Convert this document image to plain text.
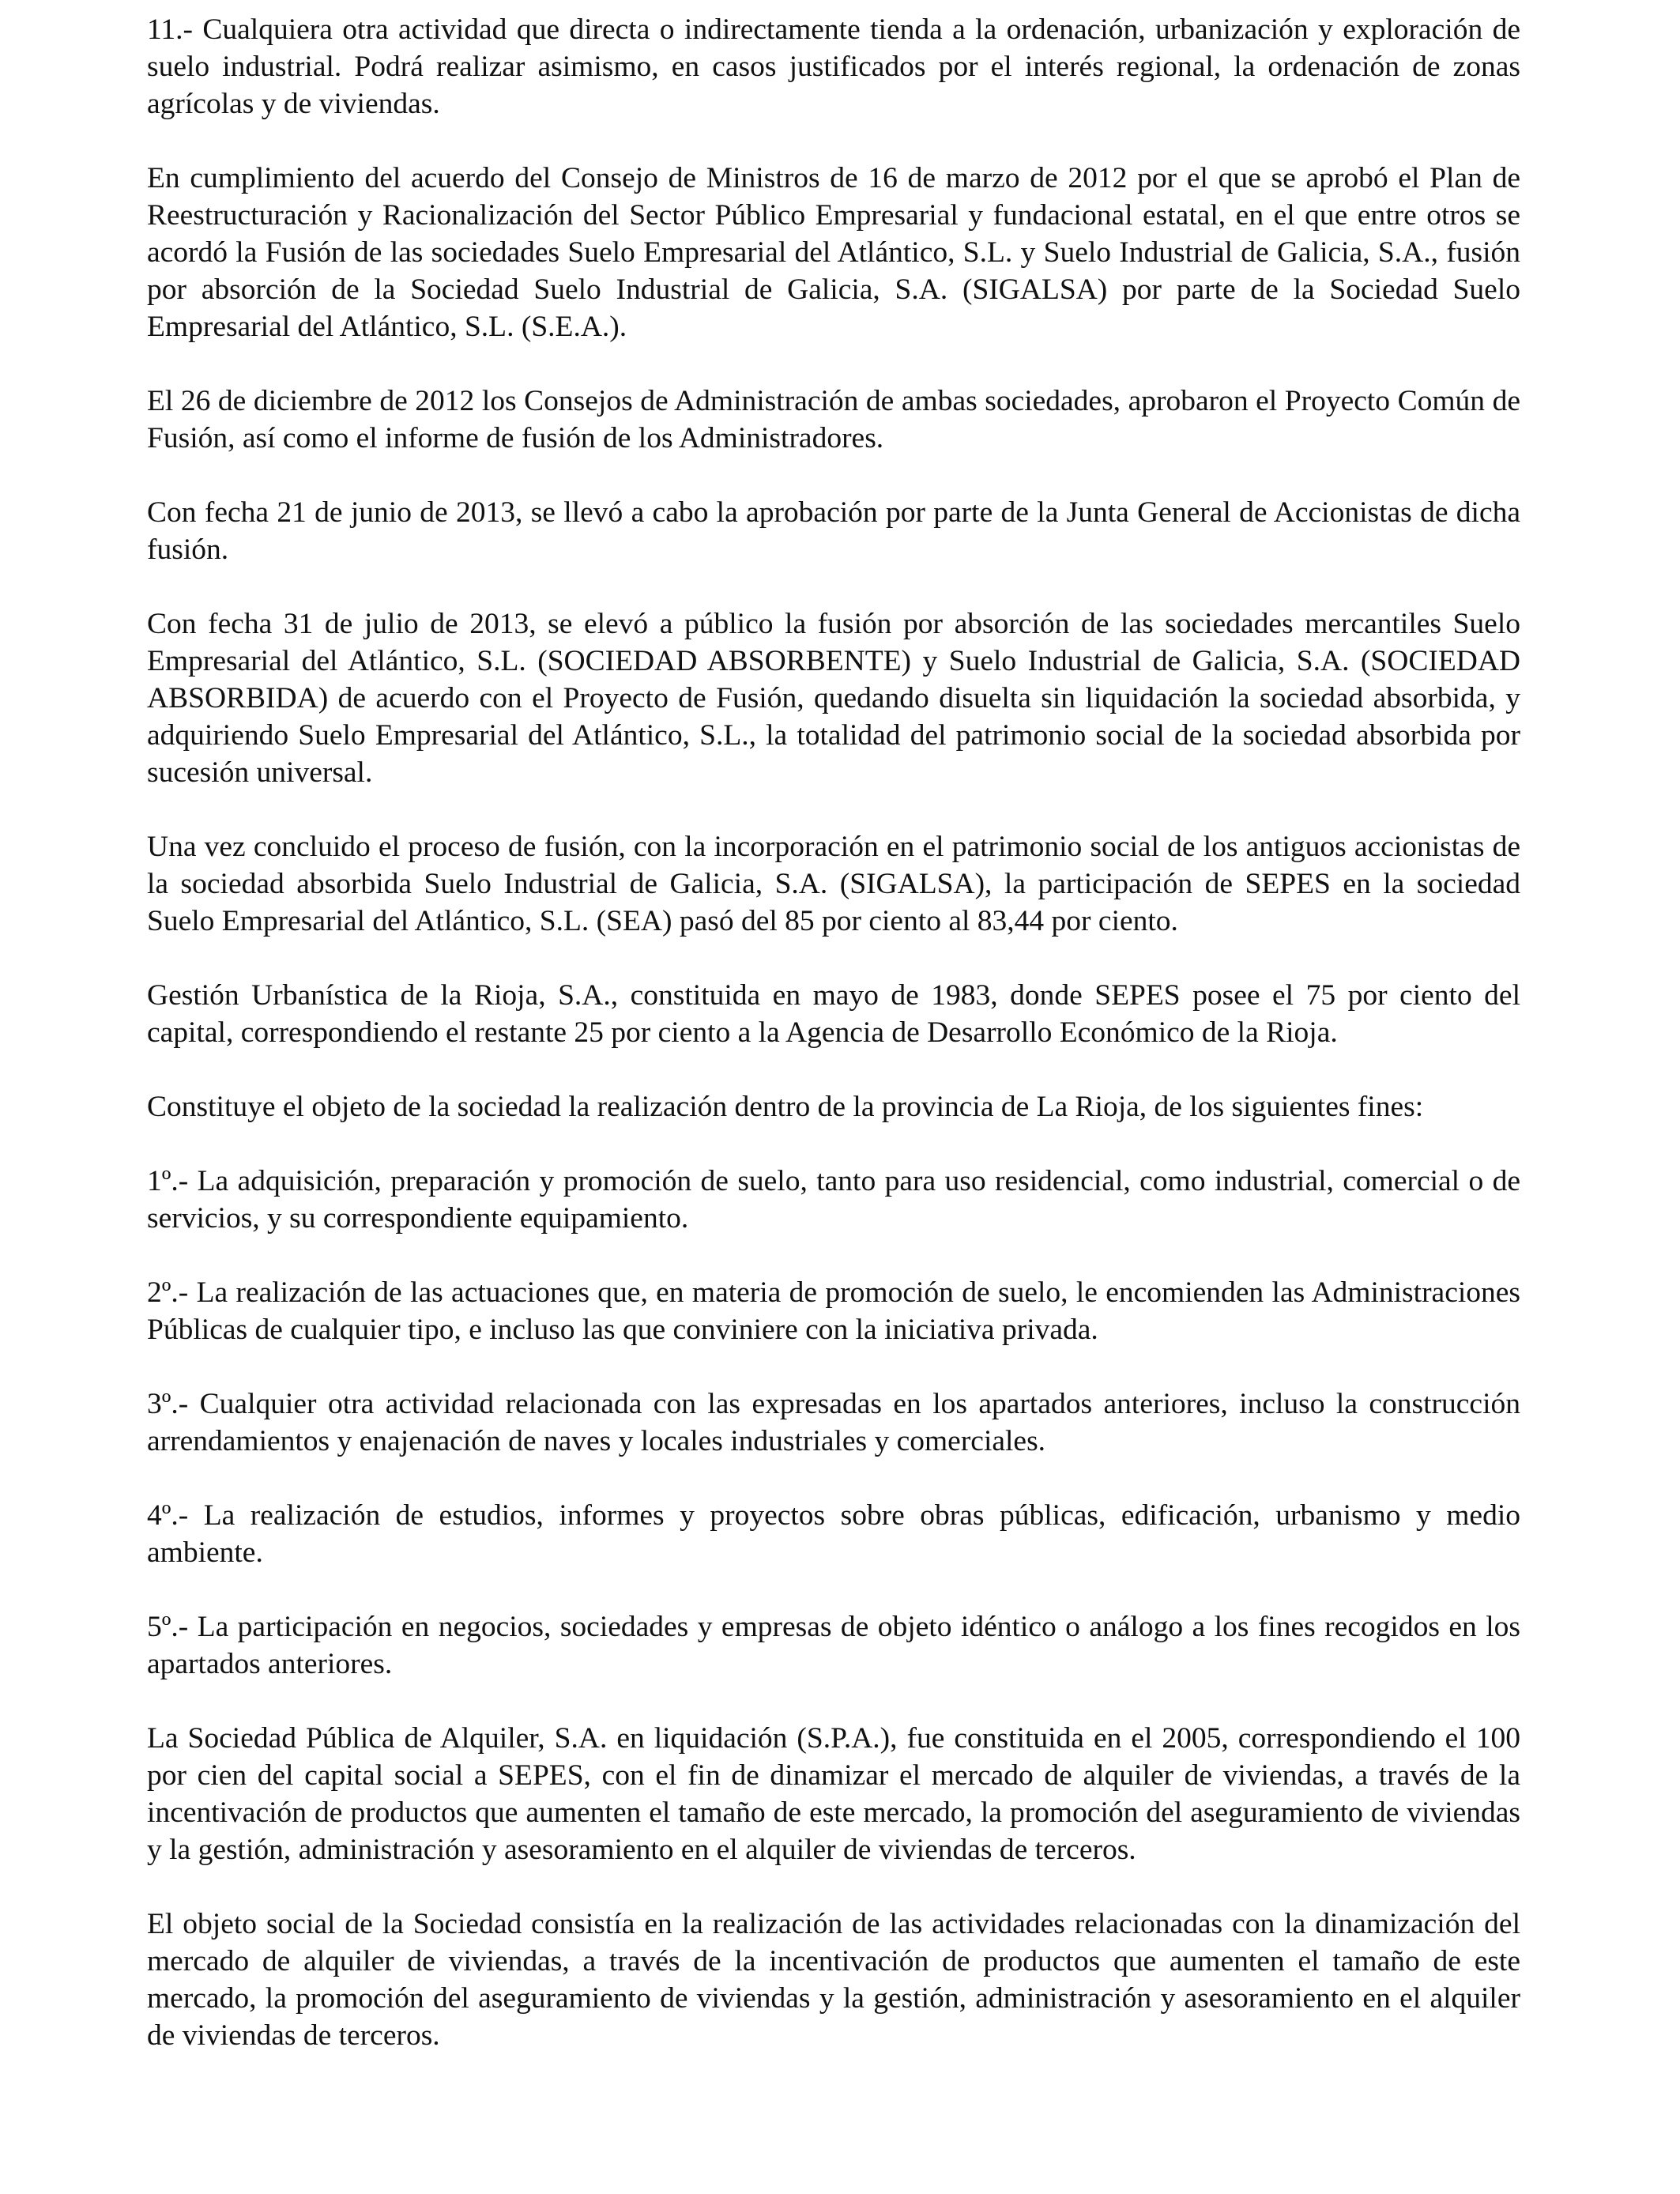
11.- Cualquiera otra actividad que directa o indirectamente tienda a la ordenación, urbanización y exploración de suelo industrial. Podrá realizar asimismo, en casos justificados por el interés regional, la ordenación de zonas agrícolas y de viviendas.

En cumplimiento del acuerdo del Consejo de Ministros de 16 de marzo de 2012 por el que se aprobó el Plan de Reestructuración y Racionalización del Sector Público Empresarial y fundacional estatal, en el que entre otros se acordó la Fusión de las sociedades Suelo Empresarial del Atlántico, S.L. y Suelo Industrial de Galicia, S.A., fusión por absorción de la Sociedad Suelo Industrial de Galicia, S.A. (SIGALSA) por parte de la Sociedad Suelo Empresarial del Atlántico, S.L. (S.E.A.).

El 26 de diciembre de 2012 los Consejos de Administración de ambas sociedades, aprobaron el Proyecto Común de Fusión, así como el informe de fusión de los Administradores.

Con fecha 21 de junio de 2013, se llevó a cabo la aprobación por parte de la Junta General de Accionistas de dicha fusión.

Con fecha 31 de julio de 2013, se elevó a público la fusión por absorción de las sociedades mercantiles Suelo Empresarial del Atlántico, S.L. (SOCIEDAD ABSORBENTE) y Suelo Industrial de Galicia, S.A. (SOCIEDAD ABSORBIDA) de acuerdo con el Proyecto de Fusión, quedando disuelta sin liquidación la sociedad absorbida, y adquiriendo Suelo Empresarial del Atlántico, S.L., la totalidad del patrimonio social de la sociedad absorbida por sucesión universal.

Una vez concluido el proceso de fusión, con la incorporación en el patrimonio social de los antiguos accionistas de la sociedad absorbida Suelo Industrial de Galicia, S.A. (SIGALSA), la participación de SEPES en la sociedad Suelo Empresarial del Atlántico, S.L. (SEA) pasó del 85 por ciento al 83,44 por ciento.

Gestión Urbanística de la Rioja, S.A., constituida en mayo de 1983, donde SEPES posee el 75 por ciento del capital, correspondiendo el restante 25 por ciento a la Agencia de Desarrollo Económico de la Rioja.

Constituye el objeto de la sociedad la realización dentro de la provincia de La Rioja, de los siguientes fines:

1º.- La adquisición, preparación y promoción de suelo, tanto para uso residencial, como industrial, comercial o de servicios, y su correspondiente equipamiento.

2º.- La realización de las actuaciones que, en materia de promoción de suelo, le encomienden las Administraciones Públicas de cualquier tipo, e incluso las que conviniere con la iniciativa privada.

3º.- Cualquier otra actividad relacionada con las expresadas en los apartados anteriores, incluso la construcción arrendamientos y enajenación de naves y locales industriales y comerciales.

4º.- La realización de estudios, informes y proyectos sobre obras públicas, edificación, urbanismo y medio ambiente.

5º.- La participación en negocios, sociedades y empresas de objeto idéntico o análogo a los fines recogidos en los apartados anteriores.

La Sociedad Pública de Alquiler, S.A. en liquidación (S.P.A.), fue constituida en el 2005, correspondiendo el 100 por cien del capital social a SEPES, con el fin de dinamizar el mercado de alquiler de viviendas, a través de la incentivación de productos que aumenten el tamaño de este mercado, la promoción del aseguramiento de viviendas y la gestión, administración y asesoramiento en el alquiler de viviendas de terceros.

El objeto social de la Sociedad consistía en la realización de las actividades relacionadas con la dinamización del mercado de alquiler de viviendas, a través de la incentivación de productos que aumenten el tamaño de este mercado, la promoción del aseguramiento de viviendas y la gestión, administración y asesoramiento en el alquiler de viviendas de terceros.
